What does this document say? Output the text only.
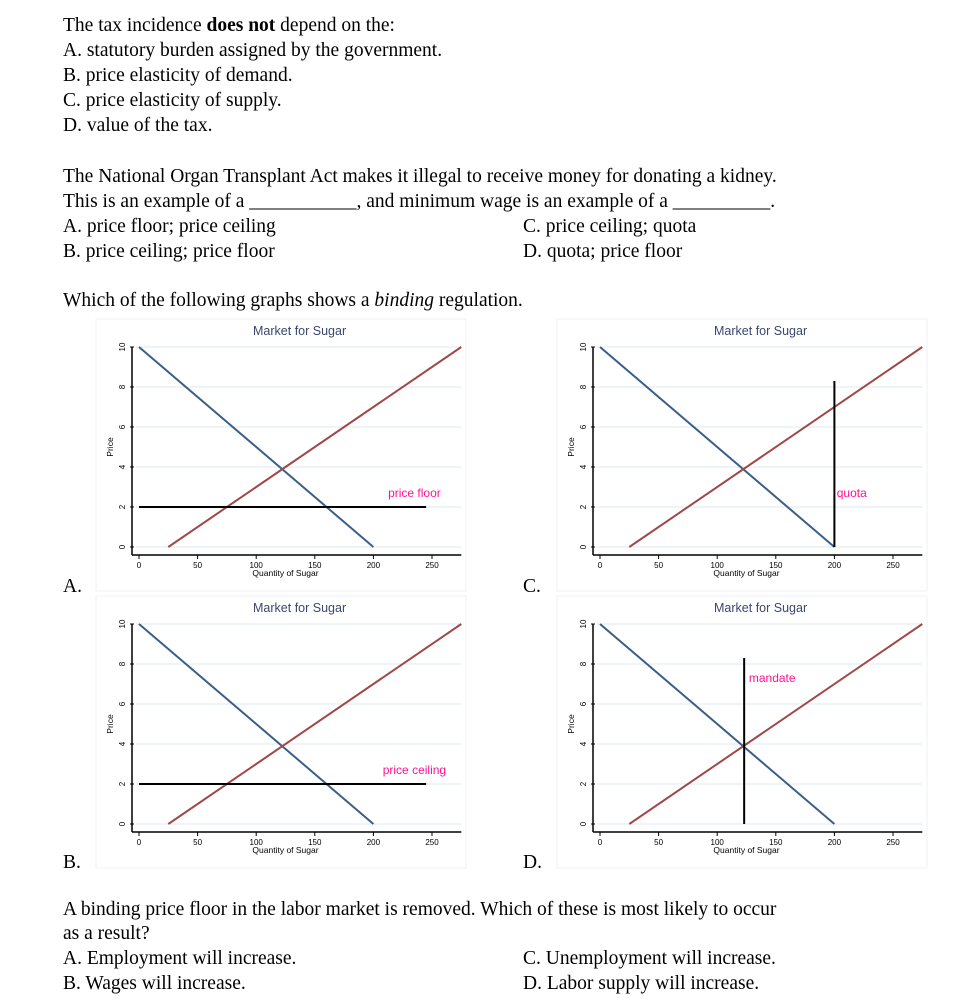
The tax incidence does not depend on the:
A. statutory burden assigned by the government.
B. price elasticity of demand.
C. price elasticity of supply.
D. value of the tax.
The National Organ Transplant Act makes it illegal to receive money for donating a kidney.
This is an example of a ___________, and minimum wage is an example of a __________.
A. price floor; price ceiling
B. price ceiling; price floor
C. price ceiling; quota
D. quota; price floor
Which of the following graphs shows a binding regulation.
Market for Sugar
0
2
4
6
8
10
0	50	100	150	200	250
Quantity of Sugar
Price
price floor
Market for Sugar
0
2
4
6
8
10
0	50	100	150	200	250
Quantity of Sugar
Price
price ceiling
Market for Sugar
0
2
4
6
8
10
0	50	100	150	200	250
Quantity of Sugar
Price
quota
Market for Sugar
0
2
4
6
8
10
0	50	100	150	200	250
Quantity of Sugar
Price
mandate
A.
B.
C.
D.
A binding price floor in the labor market is removed. Which of these is most likely to occur
as a result?
A. Employment will increase.
B. Wages will increase.
C. Unemployment will increase.
D. Labor supply will increase.
